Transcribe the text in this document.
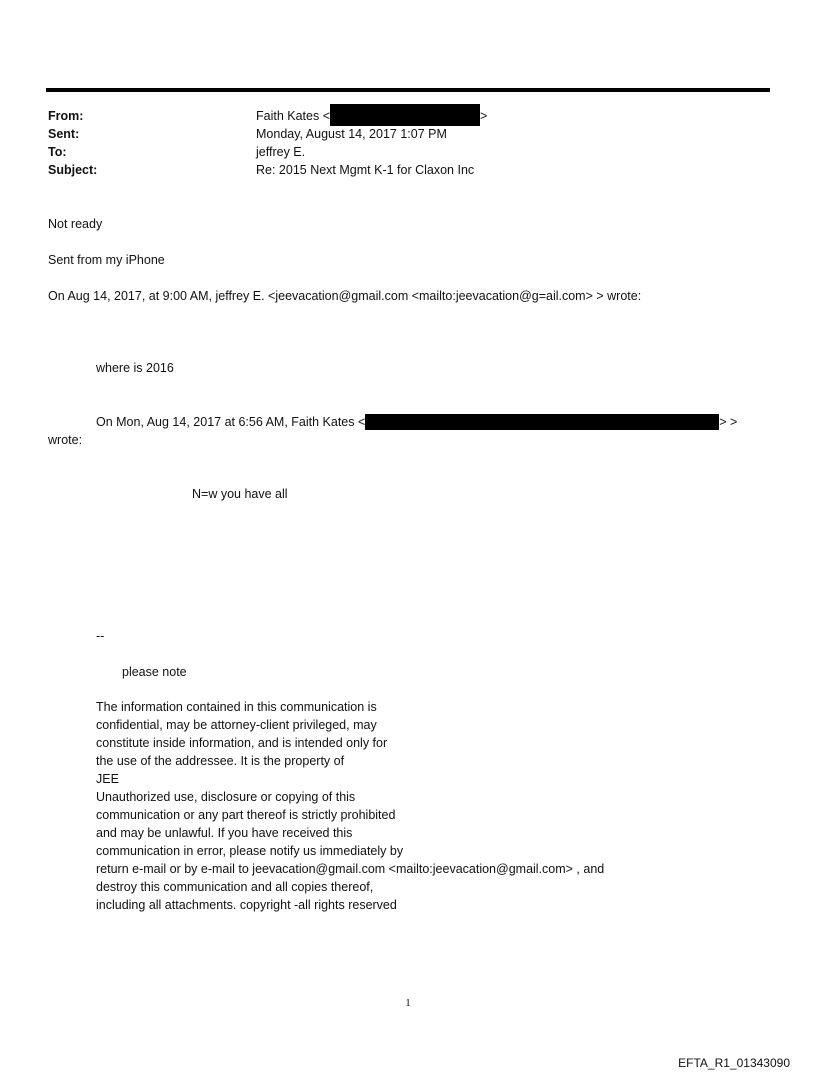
From:	Faith Kates <	>
Sent:	Monday, August 14, 2017 1:07 PM
To:	jeffrey E.
Subject:	Re: 2015 Next Mgmt K-1 for Claxon Inc
Not ready
Sent from my iPhone
On Aug 14, 2017, at 9:00 AM, jeffrey E. <jeevacation@gmail.com <mailto:jeevacation@g=ail.com> > wrote:
where is 2016
On Mon, Aug 14, 2017 at 6:56 AM, Faith Kates <	> >
wrote:
N=w you have all
--
please note
The information contained in this communication is
confidential, may be attorney-client privileged, may
constitute inside information, and is intended only for
the use of the addressee. It is the property of
JEE
Unauthorized use, disclosure or copying of this
communication or any part thereof is strictly prohibited
and may be unlawful. If you have received this
communication in error, please notify us immediately by
return e-mail or by e-mail to jeevacation@gmail.com <mailto:jeevacation@gmail.com> , and
destroy this communication and all copies thereof,
including all attachments. copyright -all rights reserved
1
EFTA_R1_01343090
